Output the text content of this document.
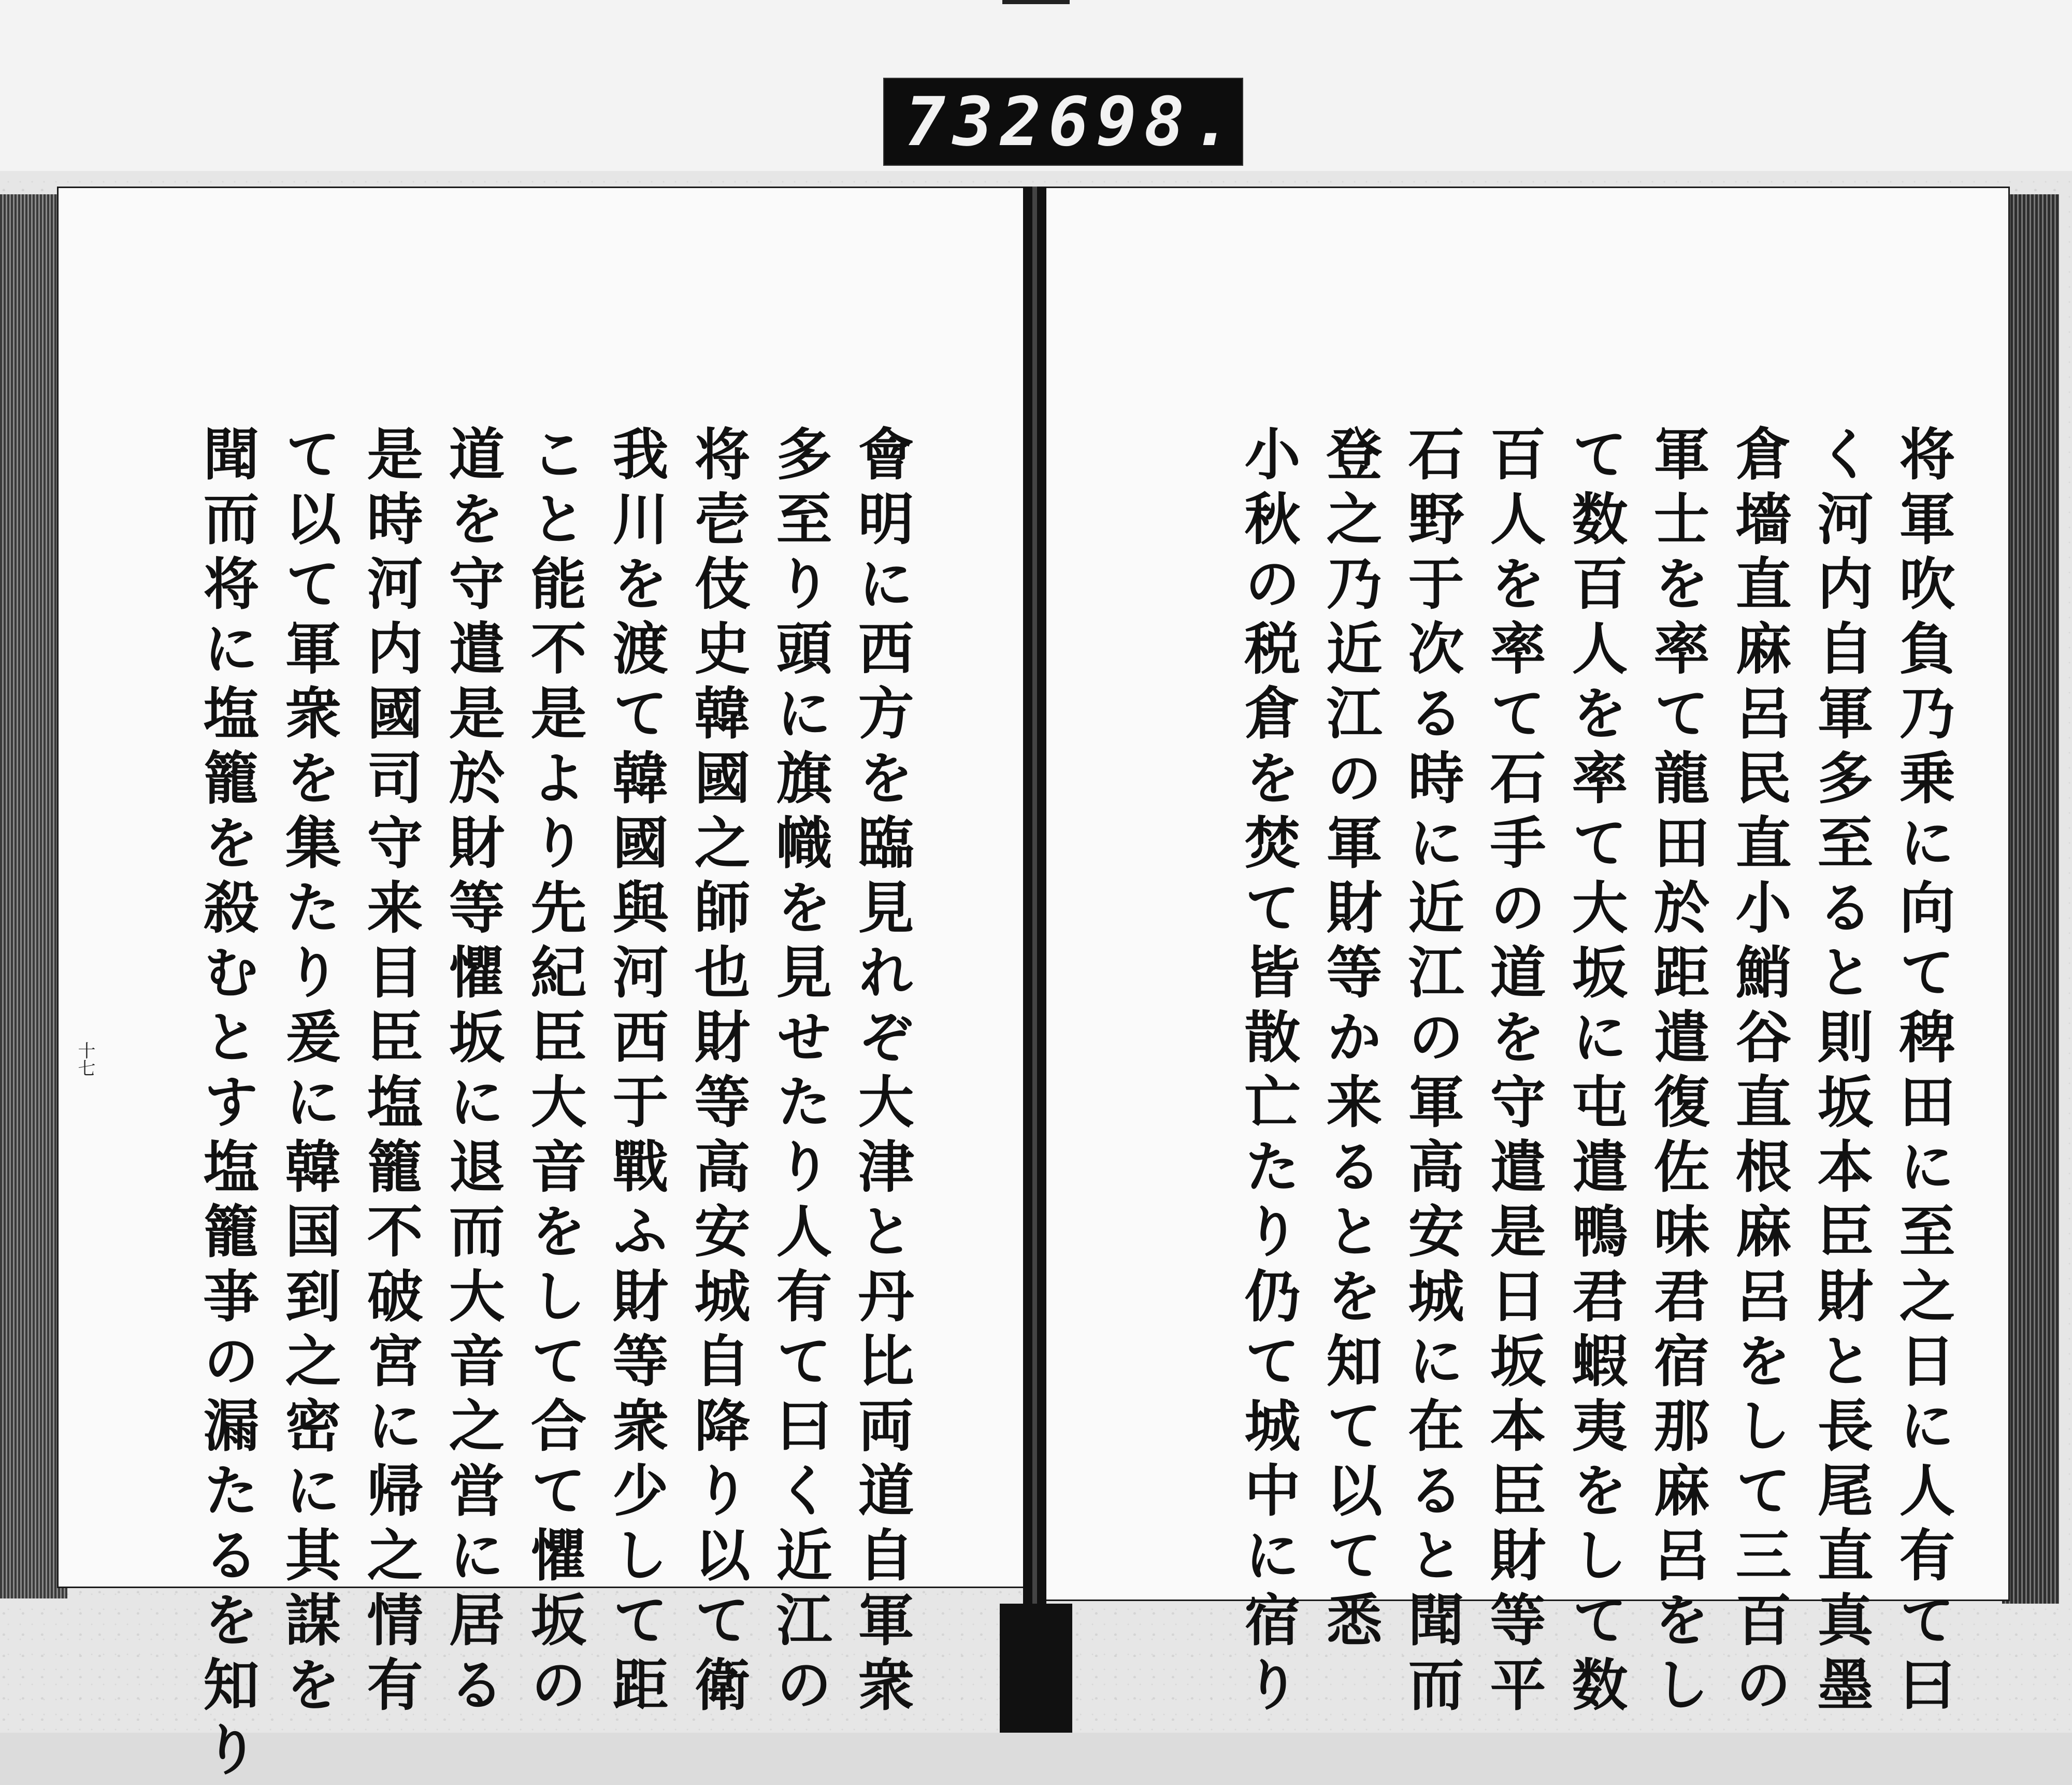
732 698.
十七	會明に西方を臨見れぞ大津と丹比両道自軍衆
多至り頭に旗幟を見せたり人有て曰く近江の
将壱伎史韓國之師也財等高安城自降り以て衛
我川を渡て韓國與河西于戰ふ財等衆少して距
こと能不是より先紀臣大音をして合て懼坂の
道を守遣是於財等懼坂に退而大音之営に居る
是時河内國司守来目臣塩籠不破宮に帰之情有
て以て軍衆を集たり爰に韓国到之密に其謀を
聞而将に塩籠を殺むとす塩籠亊の漏たるを知り	将軍吹負乃乗に向て稗田に至之日に人有て曰
く河内自軍多至ると則坂本臣財と長尾直真墨
倉墻直麻呂民直小鮹谷直根麻呂をして三百の
軍士を率て龍田於距遣復佐味君宿那麻呂をし
て数百人を率て大坂に屯遣鴨君蝦夷をして数
百人を率て石手の道を守遣是日坂本臣財等平
石野于次る時に近江の軍高安城に在ると聞而
登之乃近江の軍財等か来るとを知て以て悉
小秋の税倉を焚て皆散亡たり仍て城中に宿り
